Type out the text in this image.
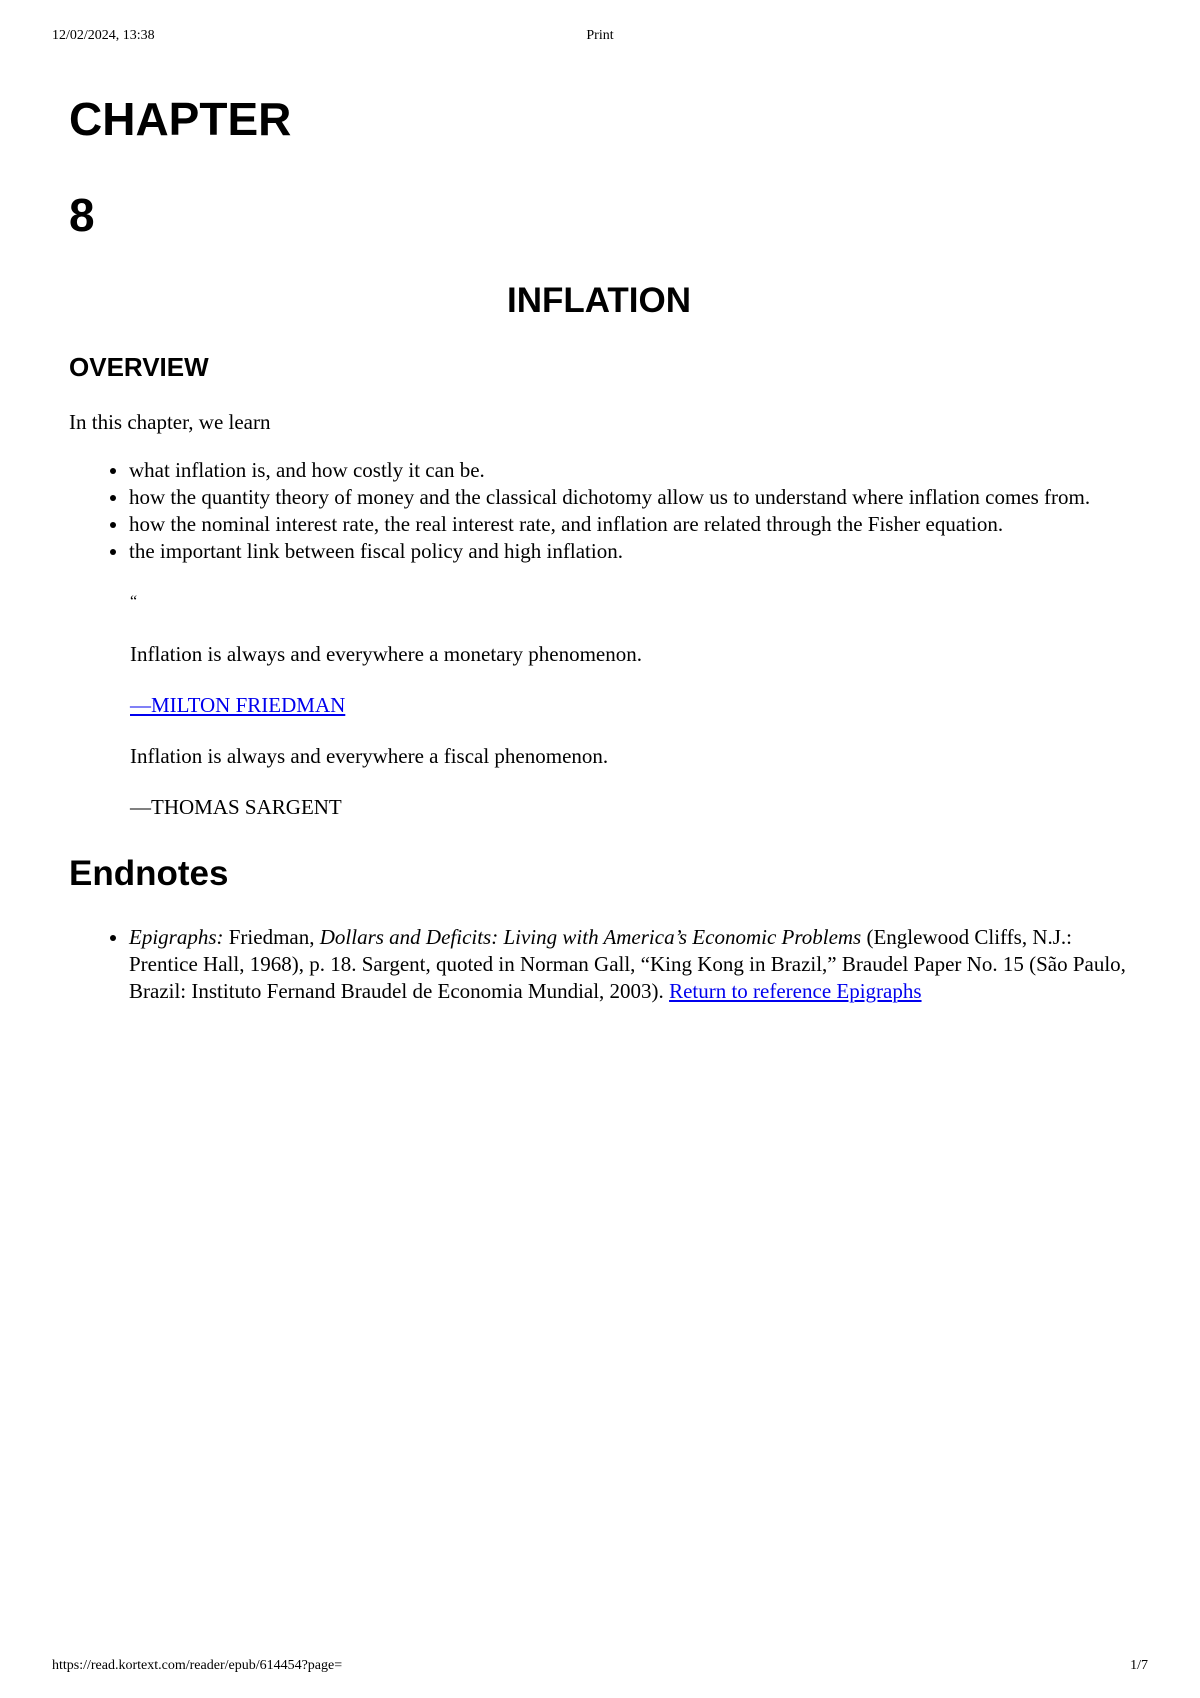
12/02/2024, 13:38	Print
CHAPTER
8
INFLATION
OVERVIEW

In this chapter, we learn

• what inflation is, and how costly it can be.
• how the quantity theory of money and the classical dichotomy allow us to understand where inflation comes from.
• how the nominal interest rate, the real interest rate, and inflation are related through the Fisher equation.
• the important link between fiscal policy and high inflation.
“

Inflation is always and everywhere a monetary phenomenon.

—MILTON FRIEDMAN

Inflation is always and everywhere a fiscal phenomenon.

—THOMAS SARGENT

Endnotes
• Epigraphs: Friedman, Dollars and Deficits: Living with America’s Economic Problems (Englewood Cliffs, N.J.: Prentice Hall, 1968), p. 18. Sargent, quoted in Norman Gall, “King Kong in Brazil,” Braudel Paper No. 15 (São Paulo, Brazil: Instituto Fernand Braudel de Economia Mundial, 2003). Return to reference Epigraphs
https://read.kortext.com/reader/epub/614454?page=	1/7
